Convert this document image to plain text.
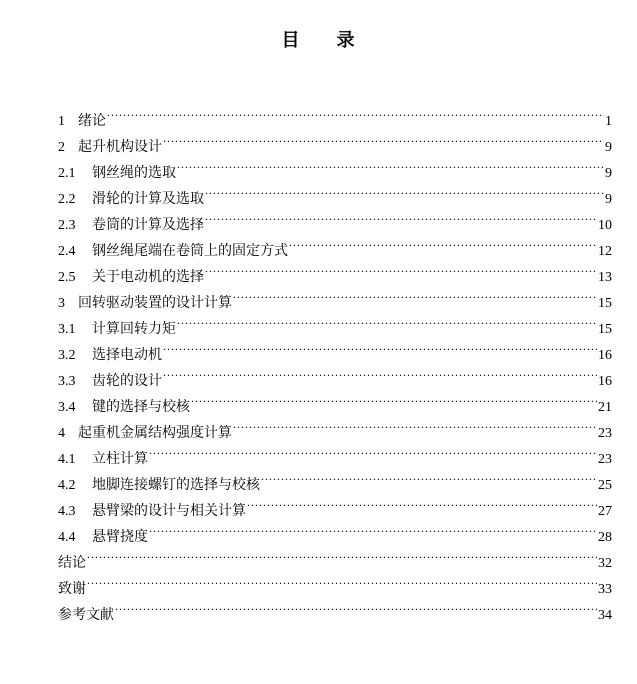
目 录
1 绪论 .....	1
2 起升机构设计 .....	9
2.1	钢丝绳的选取 .....	9
2.2	滑轮的计算及选取 .....	9
2.3	卷筒的计算及选择 .....	10
2.4	钢丝绳尾端在卷筒上的固定方式 .....	12
2.5	关于电动机的选择 .....	13
3 回转驱动装置的设计计算 .....	15
3.1	计算回转力矩 .....	15
3.2	选择电动机 .....	16
3.3	齿轮的设计 .....	16
3.4	键的选择与校核 .....	21
4 起重机金属结构强度计算 .....	23
4.1	立柱计算 .....	23
4.2	地脚连接螺钉的选择与校核 .....	25
4.3	悬臂梁的设计与相关计算 .....	27
4.4	悬臂挠度 .....	28
结论 .....	32
致谢 .....	33
参考文献 .....	34
